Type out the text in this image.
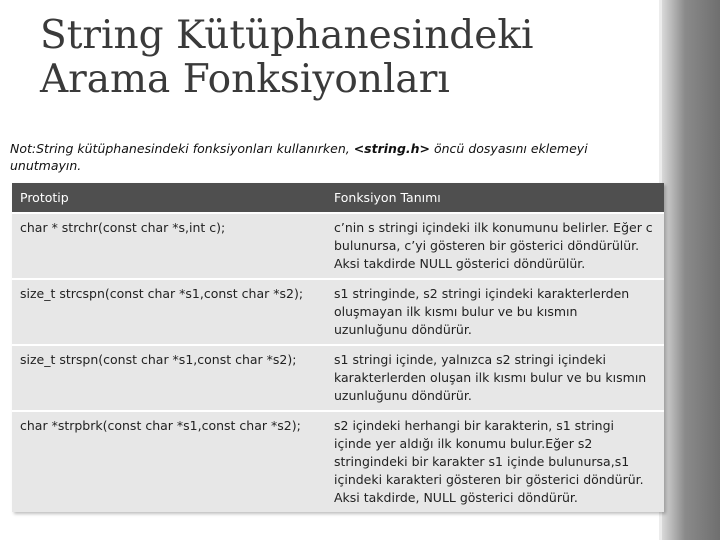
String Kütüphanesindeki
Arama Fonksiyonları

Not:String kütüphanesindeki fonksiyonları kullanırken, <string.h> öncü dosyasını eklemeyi unutmayın.

Prototip	Fonksiyon Tanımı
char * strchr(const char *s,int c);	c’nin s stringi içindeki ilk konumunu belirler. Eğer c
bulunursa, c’yi gösteren bir gösterici döndürülür.
Aksi takdirde NULL gösterici döndürülür.

size_t strcspn(const char *s1,const char *s2);	s1 stringinde, s2 stringi içindeki karakterlerden
oluşmayan ilk kısmı bulur ve bu kısmın
uzunluğunu döndürür.

size_t strspn(const char *s1,const char *s2);	s1 stringi içinde, yalnızca s2 stringi içindeki
karakterlerden oluşan ilk kısmı bulur ve bu kısmın
uzunluğunu döndürür.

char *strpbrk(const char *s1,const char *s2);	s2 içindeki herhangi bir karakterin, s1 stringi
içinde yer aldığı ilk konumu bulur.Eğer s2
stringindeki bir karakter s1 içinde bulunursa,s1
içindeki karakteri gösteren bir gösterici döndürür.
Aksi takdirde, NULL gösterici döndürür.
